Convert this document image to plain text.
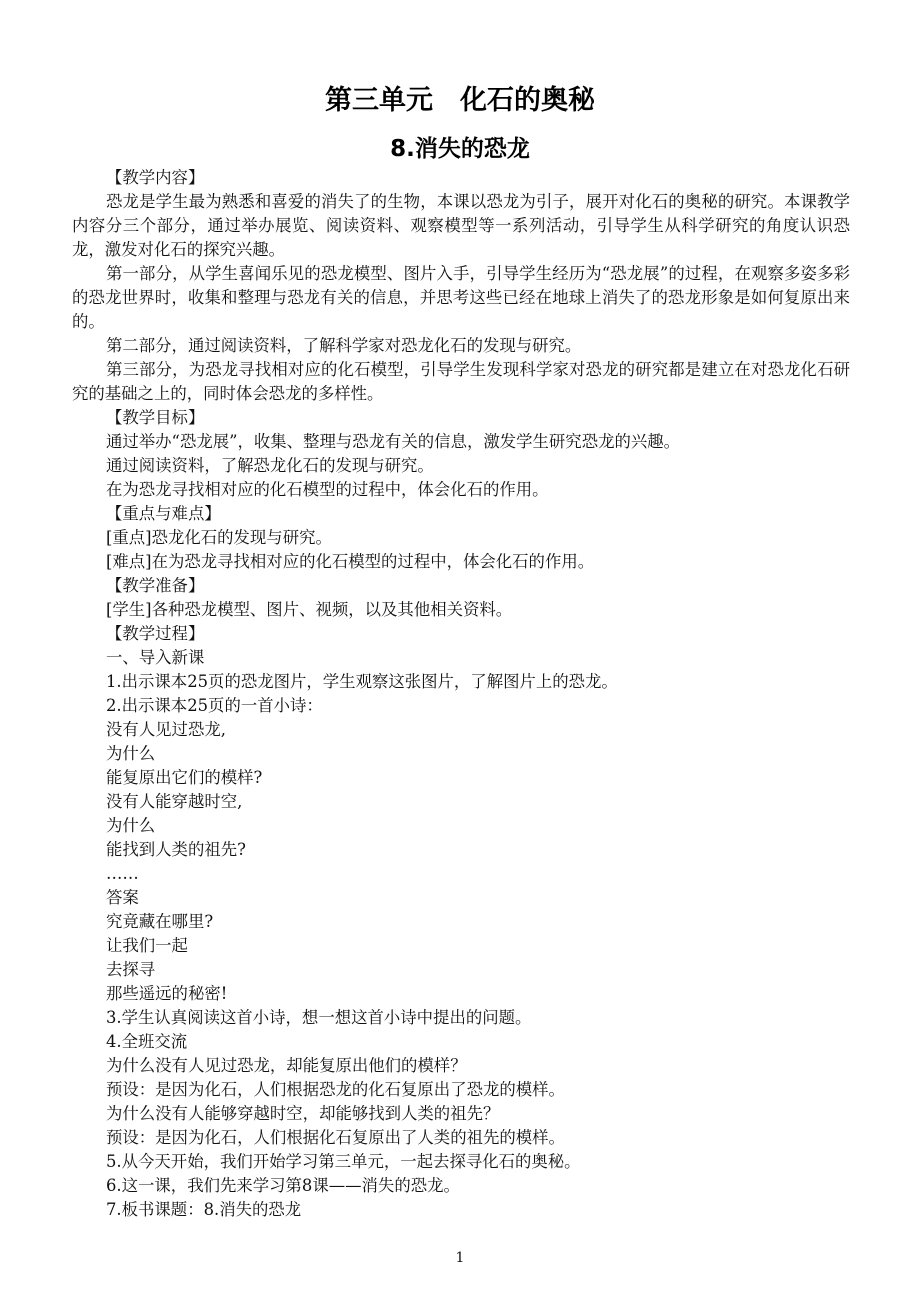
第三单元　化石的奥秘
8.消失的恐龙
【教学内容】
恐龙是学生最为熟悉和喜爱的消失了的生物，本课以恐龙为引子，展开对化石的奥秘的研究。本课教学内容分三个部分，通过举办展览、阅读资料、观察模型等一系列活动，引导学生从科学研究的角度认识恐龙，激发对化石的探究兴趣。
第一部分，从学生喜闻乐见的恐龙模型、图片入手，引导学生经历为“恐龙展”的过程，在观察多姿多彩的恐龙世界时，收集和整理与恐龙有关的信息，并思考这些已经在地球上消失了的恐龙形象是如何复原出来的。
第二部分，通过阅读资料，了解科学家对恐龙化石的发现与研究。
第三部分，为恐龙寻找相对应的化石模型，引导学生发现科学家对恐龙的研究都是建立在对恐龙化石研究的基础之上的，同时体会恐龙的多样性。
【教学目标】
通过举办“恐龙展”，收集、整理与恐龙有关的信息，激发学生研究恐龙的兴趣。
通过阅读资料，了解恐龙化石的发现与研究。
在为恐龙寻找相对应的化石模型的过程中，体会化石的作用。
【重点与难点】
[重点]恐龙化石的发现与研究。
[难点]在为恐龙寻找相对应的化石模型的过程中，体会化石的作用。
【教学准备】
[学生]各种恐龙模型、图片、视频，以及其他相关资料。
【教学过程】
一、导入新课
1.出示课本25页的恐龙图片，学生观察这张图片，了解图片上的恐龙。
2.出示课本25页的一首小诗：
没有人见过恐龙,
为什么
能复原出它们的模样?
没有人能穿越时空,
为什么
能找到人类的祖先?
……
答案
究竟藏在哪里?
让我们一起
去探寻
那些遥远的秘密!
3.学生认真阅读这首小诗，想一想这首小诗中提出的问题。
4.全班交流
为什么没有人见过恐龙，却能复原出他们的模样？
预设：是因为化石，人们根据恐龙的化石复原出了恐龙的模样。
为什么没有人能够穿越时空，却能够找到人类的祖先？
预设：是因为化石，人们根据化石复原出了人类的祖先的模样。
5.从今天开始，我们开始学习第三单元，一起去探寻化石的奥秘。
6.这一课，我们先来学习第8课——消失的恐龙。
7.板书课题：8.消失的恐龙
1
